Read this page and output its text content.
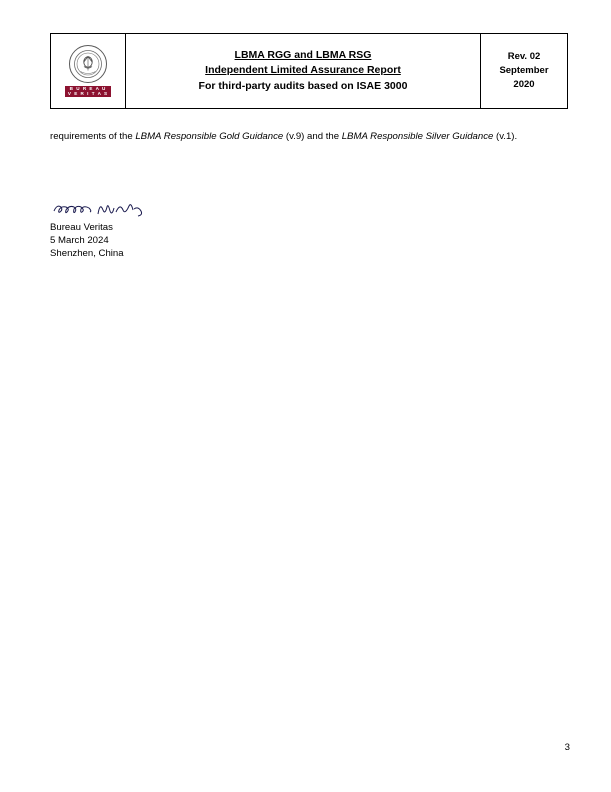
B U R E A U
V E R I T A S

LBMA RGG and LBMA RSG
Independent Limited Assurance Report
For third-party audits based on ISAE 3000

Rev. 02
September
2020

requirements of the LBMA Responsible Gold Guidance (v.9) and the LBMA Responsible Silver Guidance (v.1).

Bureau Veritas
5 March 2024
Shenzhen, China
3
